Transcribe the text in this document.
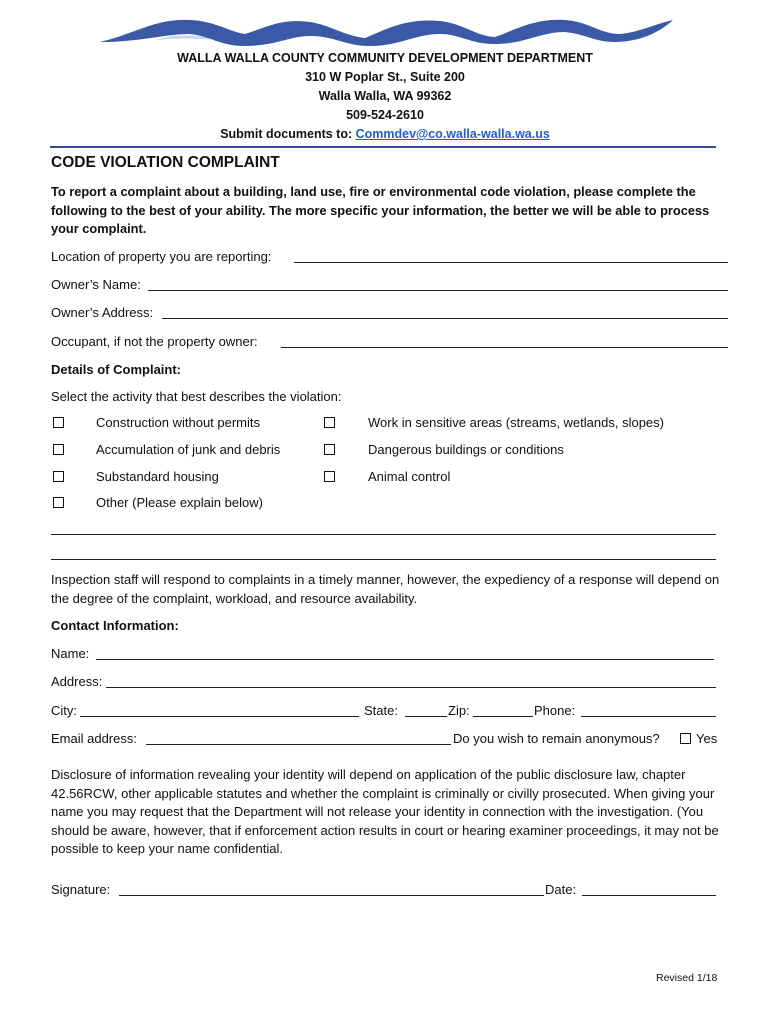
WALLA WALLA COUNTY COMMUNITY DEVELOPMENT DEPARTMENT
310 W Poplar St., Suite 200
Walla Walla, WA 99362
509-524-2610
Submit documents to: Commdev@co.walla-walla.wa.us
CODE VIOLATION COMPLAINT
To report a complaint about a building, land use, fire or environmental code violation, please complete the following to the best of your ability. The more specific your information, the better we will be able to process your complaint.
Location of property you are reporting:
Owner’s Name:
Owner’s Address:
Occupant, if not the property owner:
Details of Complaint:
Select the activity that best describes the violation:
Construction without permits	Work in sensitive areas (streams, wetlands, slopes)
Accumulation of junk and debris	Dangerous buildings or conditions
Substandard housing	Animal control
Other (Please explain below)
Inspection staff will respond to complaints in a timely manner, however, the expediency of a response will depend on the degree of the complaint, workload, and resource availability.
Contact Information:
Name:
Address:
City:	State:	Zip:	Phone:
Email address:	Do you wish to remain anonymous?	Yes
Disclosure of information revealing your identity will depend on application of the public disclosure law, chapter 42.56RCW, other applicable statutes and whether the complaint is criminally or civilly prosecuted. When giving your name you may request that the Department will not release your identity in connection with the investigation. (You should be aware, however, that if enforcement action results in court or hearing examiner proceedings, it may not be possible to keep your name confidential.
Signature:	Date:
Revised 1/18
